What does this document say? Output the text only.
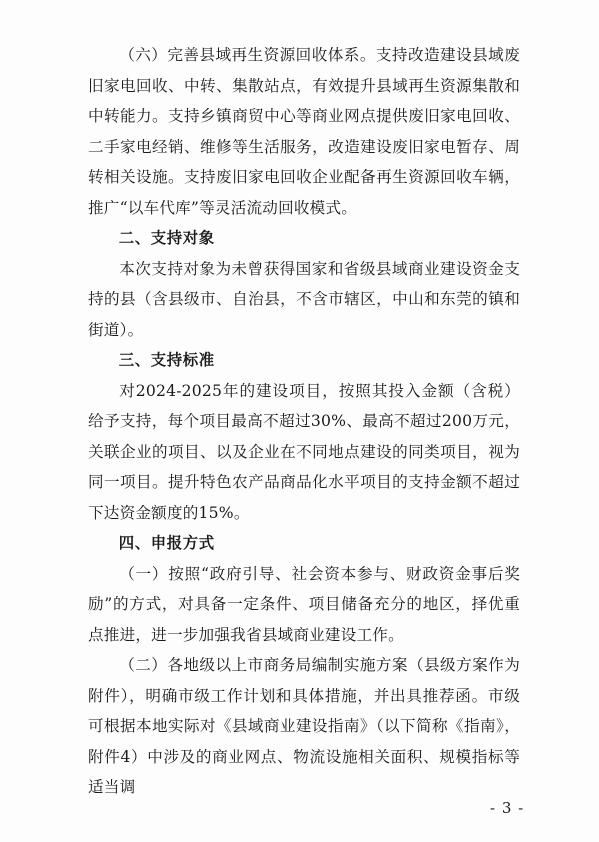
（六）完善县域再生资源回收体系。支持改造建设县域废旧家电回收、中转、集散站点，有效提升县域再生资源集散和中转能力。支持乡镇商贸中心等商业网点提供废旧家电回收、二手家电经销、维修等生活服务，改造建设废旧家电暂存、周转相关设施。支持废旧家电回收企业配备再生资源回收车辆，推广“以车代库”等灵活流动回收模式。

二、支持对象

本次支持对象为未曾获得国家和省级县域商业建设资金支持的县（含县级市、自治县，不含市辖区，中山和东莞的镇和街道）。

三、支持标准

对2024-2025年的建设项目，按照其投入金额（含税）给予支持，每个项目最高不超过30%、最高不超过200万元，关联企业的项目、以及企业在不同地点建设的同类项目，视为同一项目。提升特色农产品商品化水平项目的支持金额不超过下达资金额度的15%。

四、申报方式

（一）按照“政府引导、社会资本参与、财政资金事后奖励”的方式，对具备一定条件、项目储备充分的地区，择优重点推进，进一步加强我省县域商业建设工作。

（二）各地级以上市商务局编制实施方案（县级方案作为附件），明确市级工作计划和具体措施，并出具推荐函。市级可根据本地实际对《县域商业建设指南》（以下简称《指南》，附件4）中涉及的商业网点、物流设施相关面积、规模指标等适当调

- 3 -
